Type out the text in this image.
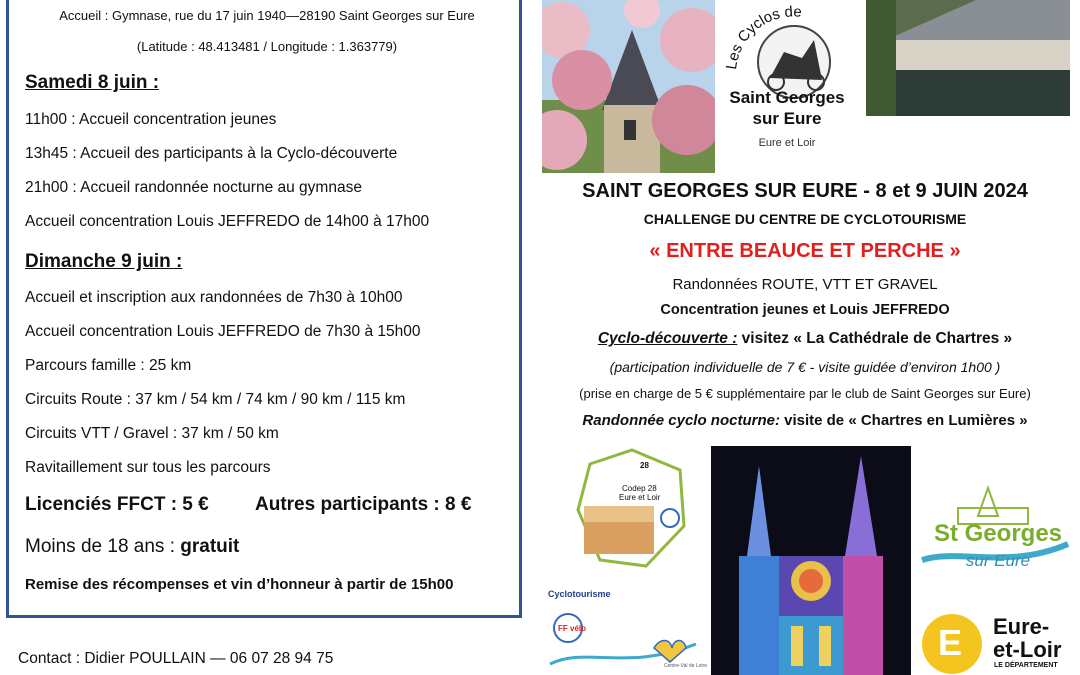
Accueil : Gymnase, rue du 17 juin 1940—28190 Saint Georges sur Eure
(Latitude : 48.413481 / Longitude : 1.363779)
Samedi 8 juin :
11h00 : Accueil concentration jeunes
13h45 : Accueil des participants à la Cyclo-découverte
21h00 : Accueil randonnée nocturne au gymnase
Accueil concentration Louis JEFFREDO de 14h00 à 17h00
Dimanche 9 juin :
Accueil et inscription aux randonnées de 7h30 à 10h00
Accueil concentration Louis JEFFREDO de 7h30 à 15h00
Parcours famille : 25 km
Circuits Route : 37 km / 54 km / 74 km / 90 km / 115 km
Circuits VTT / Gravel : 37 km / 50 km
Ravitaillement sur tous les parcours
Licenciés FFCT : 5 € Autres participants : 8 €
Moins de 18 ans : gratuit
Remise des récompenses et vin d’honneur à partir de 15h00
Contact : Didier POULLAIN — 06 07 28 94 75
Les Cyclos de
Saint Georges
sur Eure
Eure et Loir
SAINT GEORGES SUR EURE - 8 et 9 JUIN 2024
CHALLENGE DU CENTRE DE CYCLOTOURISME
« ENTRE BEAUCE ET PERCHE »
Randonnées ROUTE, VTT ET GRAVEL
Concentration jeunes et Louis JEFFREDO
Cyclo-découverte : visitez « La Cathédrale de Chartres »
(participation individuelle de 7 € - visite guidée d’environ 1h00 )
(prise en charge de 5 € supplémentaire par le club de Saint Georges sur Eure)
Randonnée cyclo nocturne: visite de « Chartres en Lumières »
28
Codep 28
Eure et Loir
FF vélo
Cyclotourisme
Centre-Val de Loire
St Georges
sur Eure
E Eure-
et-Loir
LE DÉPARTEMENT
